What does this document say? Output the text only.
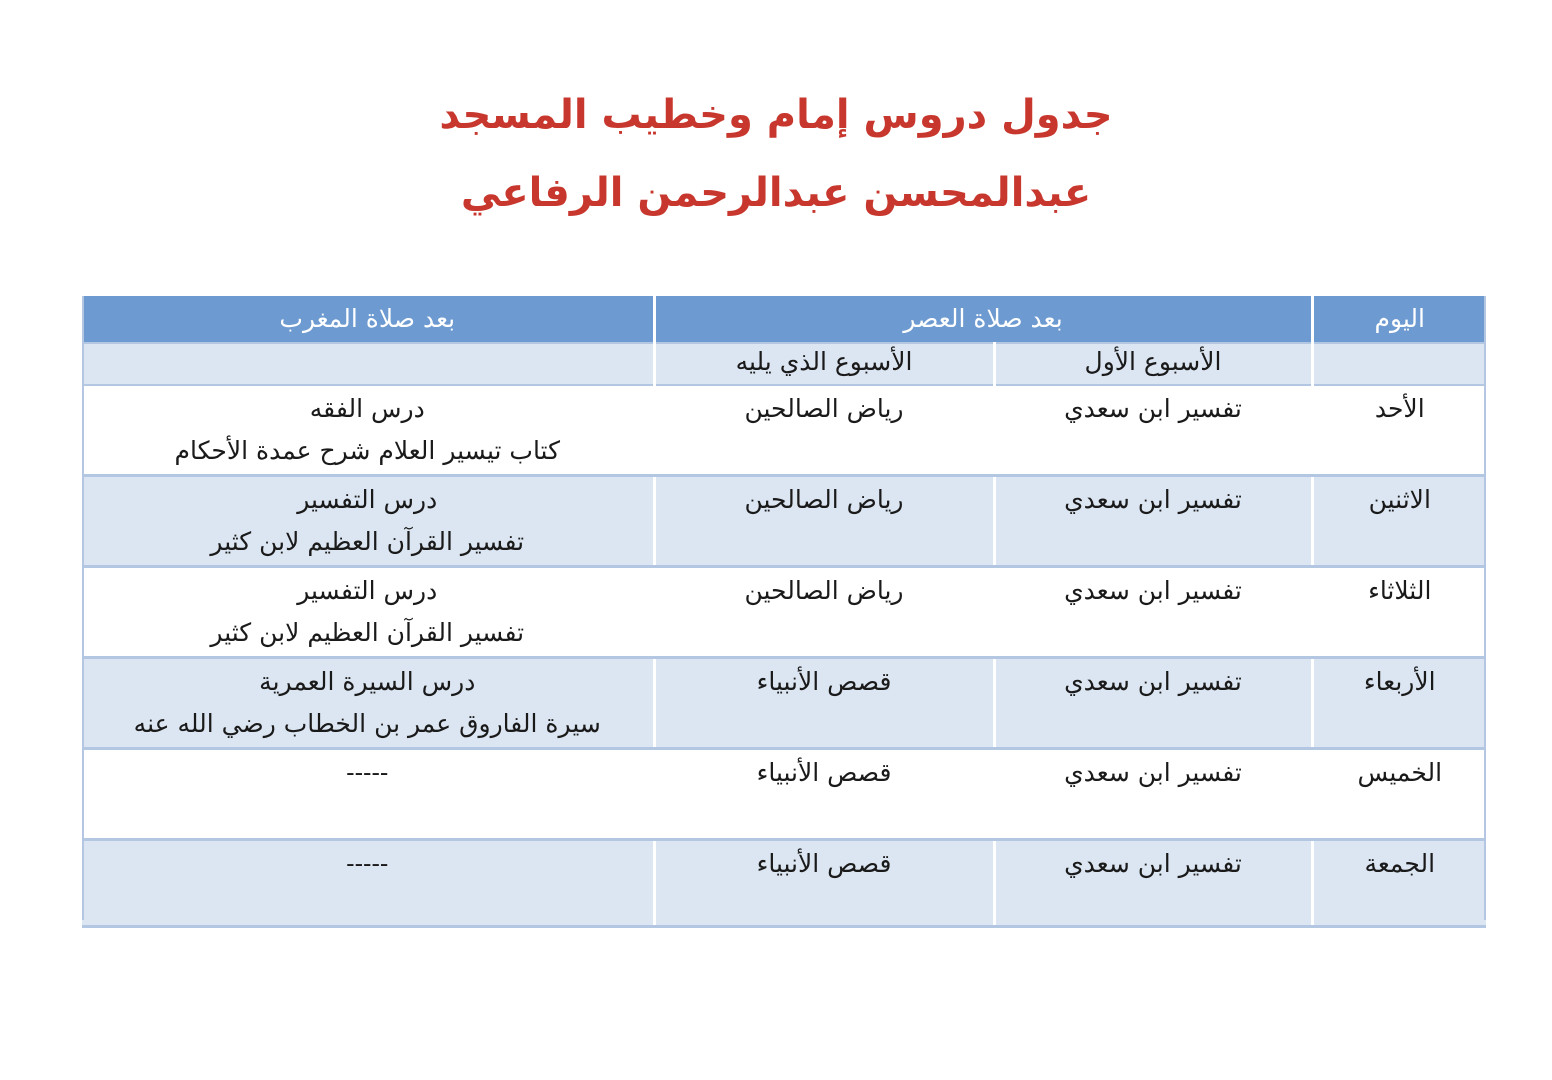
جدول دروس إمام وخطيب المسجد
عبدالمحسن عبدالرحمن الرفاعي
اليوم	بعد صلاة العصر		بعد صلاة المغرب
	الأسبوع الأول	الأسبوع الذي يليه	
الأحد	تفسير ابن سعدي	رياض الصالحين	درس الفقه
كتاب تيسير العلام شرح عمدة الأحكام

الاثنين	تفسير ابن سعدي	رياض الصالحين	درس التفسير
تفسير القرآن العظيم لابن كثير

الثلاثاء	تفسير ابن سعدي	رياض الصالحين	درس التفسير
تفسير القرآن العظيم لابن كثير

الأربعاء	تفسير ابن سعدي	قصص الأنبياء	درس السيرة العمرية
سيرة الفاروق عمر بن الخطاب رضي الله عنه

الخميس	تفسير ابن سعدي	قصص الأنبياء	-----

الجمعة	تفسير ابن سعدي	قصص الأنبياء	-----
